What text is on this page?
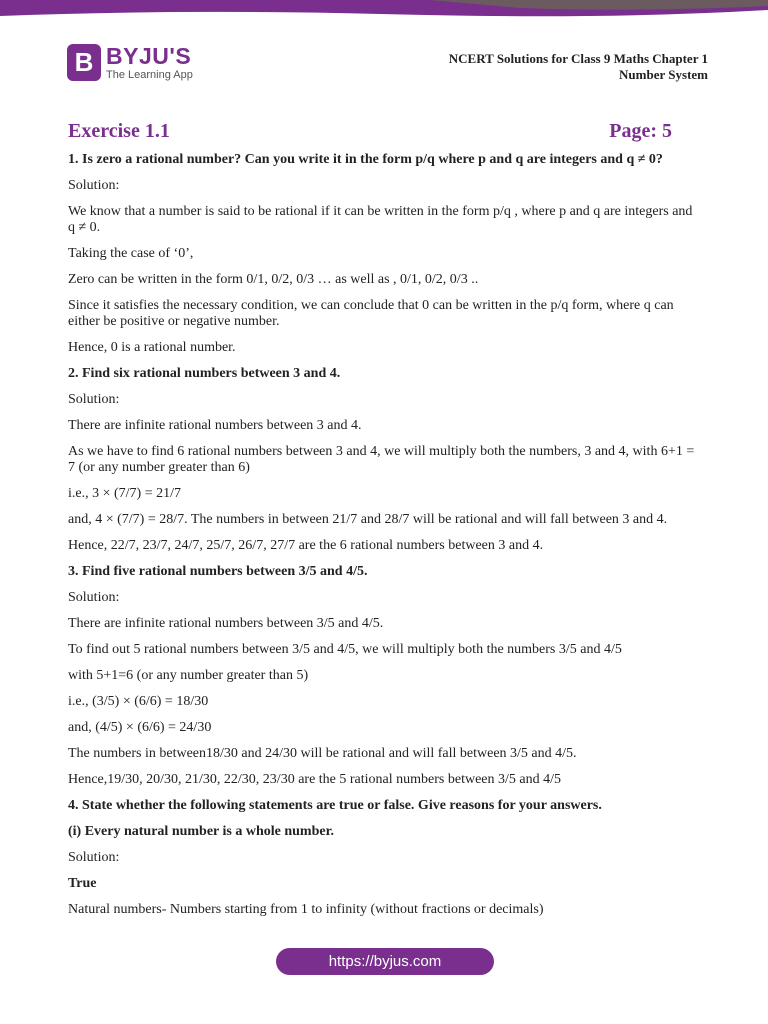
B BYJU'S
The Learning App
NCERT Solutions for Class 9 Maths Chapter 1
Number System
Exercise 1.1	Page: 5

1. Is zero a rational number? Can you write it in the form p/q where p and q are integers and q ≠ 0?

Solution:

We know that a number is said to be rational if it can be written in the form p/q , where p and q are integers and q ≠ 0.

Taking the case of ‘0’,

Zero can be written in the form 0/1, 0/2, 0/3 … as well as , 0/1, 0/2, 0/3 ..

Since it satisfies the necessary condition, we can conclude that 0 can be written in the p/q form, where q can either be positive or negative number.

Hence, 0 is a rational number.

2. Find six rational numbers between 3 and 4.

Solution:

There are infinite rational numbers between 3 and 4.

As we have to find 6 rational numbers between 3 and 4, we will multiply both the numbers, 3 and 4, with 6+1 = 7 (or any number greater than 6)

i.e., 3 × (7/7) = 21/7

and, 4 × (7/7) = 28/7. The numbers in between 21/7 and 28/7 will be rational and will fall between 3 and 4.

Hence, 22/7, 23/7, 24/7, 25/7, 26/7, 27/7 are the 6 rational numbers between 3 and 4.

3. Find five rational numbers between 3/5 and 4/5.

Solution:

There are infinite rational numbers between 3/5 and 4/5.

To find out 5 rational numbers between 3/5 and 4/5, we will multiply both the numbers 3/5 and 4/5

with 5+1=6 (or any number greater than 5)

i.e., (3/5) × (6/6) = 18/30

and, (4/5) × (6/6) = 24/30

The numbers in between18/30 and 24/30 will be rational and will fall between 3/5 and 4/5.

Hence,19/30, 20/30, 21/30, 22/30, 23/30 are the 5 rational numbers between 3/5 and 4/5

4. State whether the following statements are true or false. Give reasons for your answers.

(i) Every natural number is a whole number.

Solution:

True

Natural numbers- Numbers starting from 1 to infinity (without fractions or decimals)

https://byjus.com
